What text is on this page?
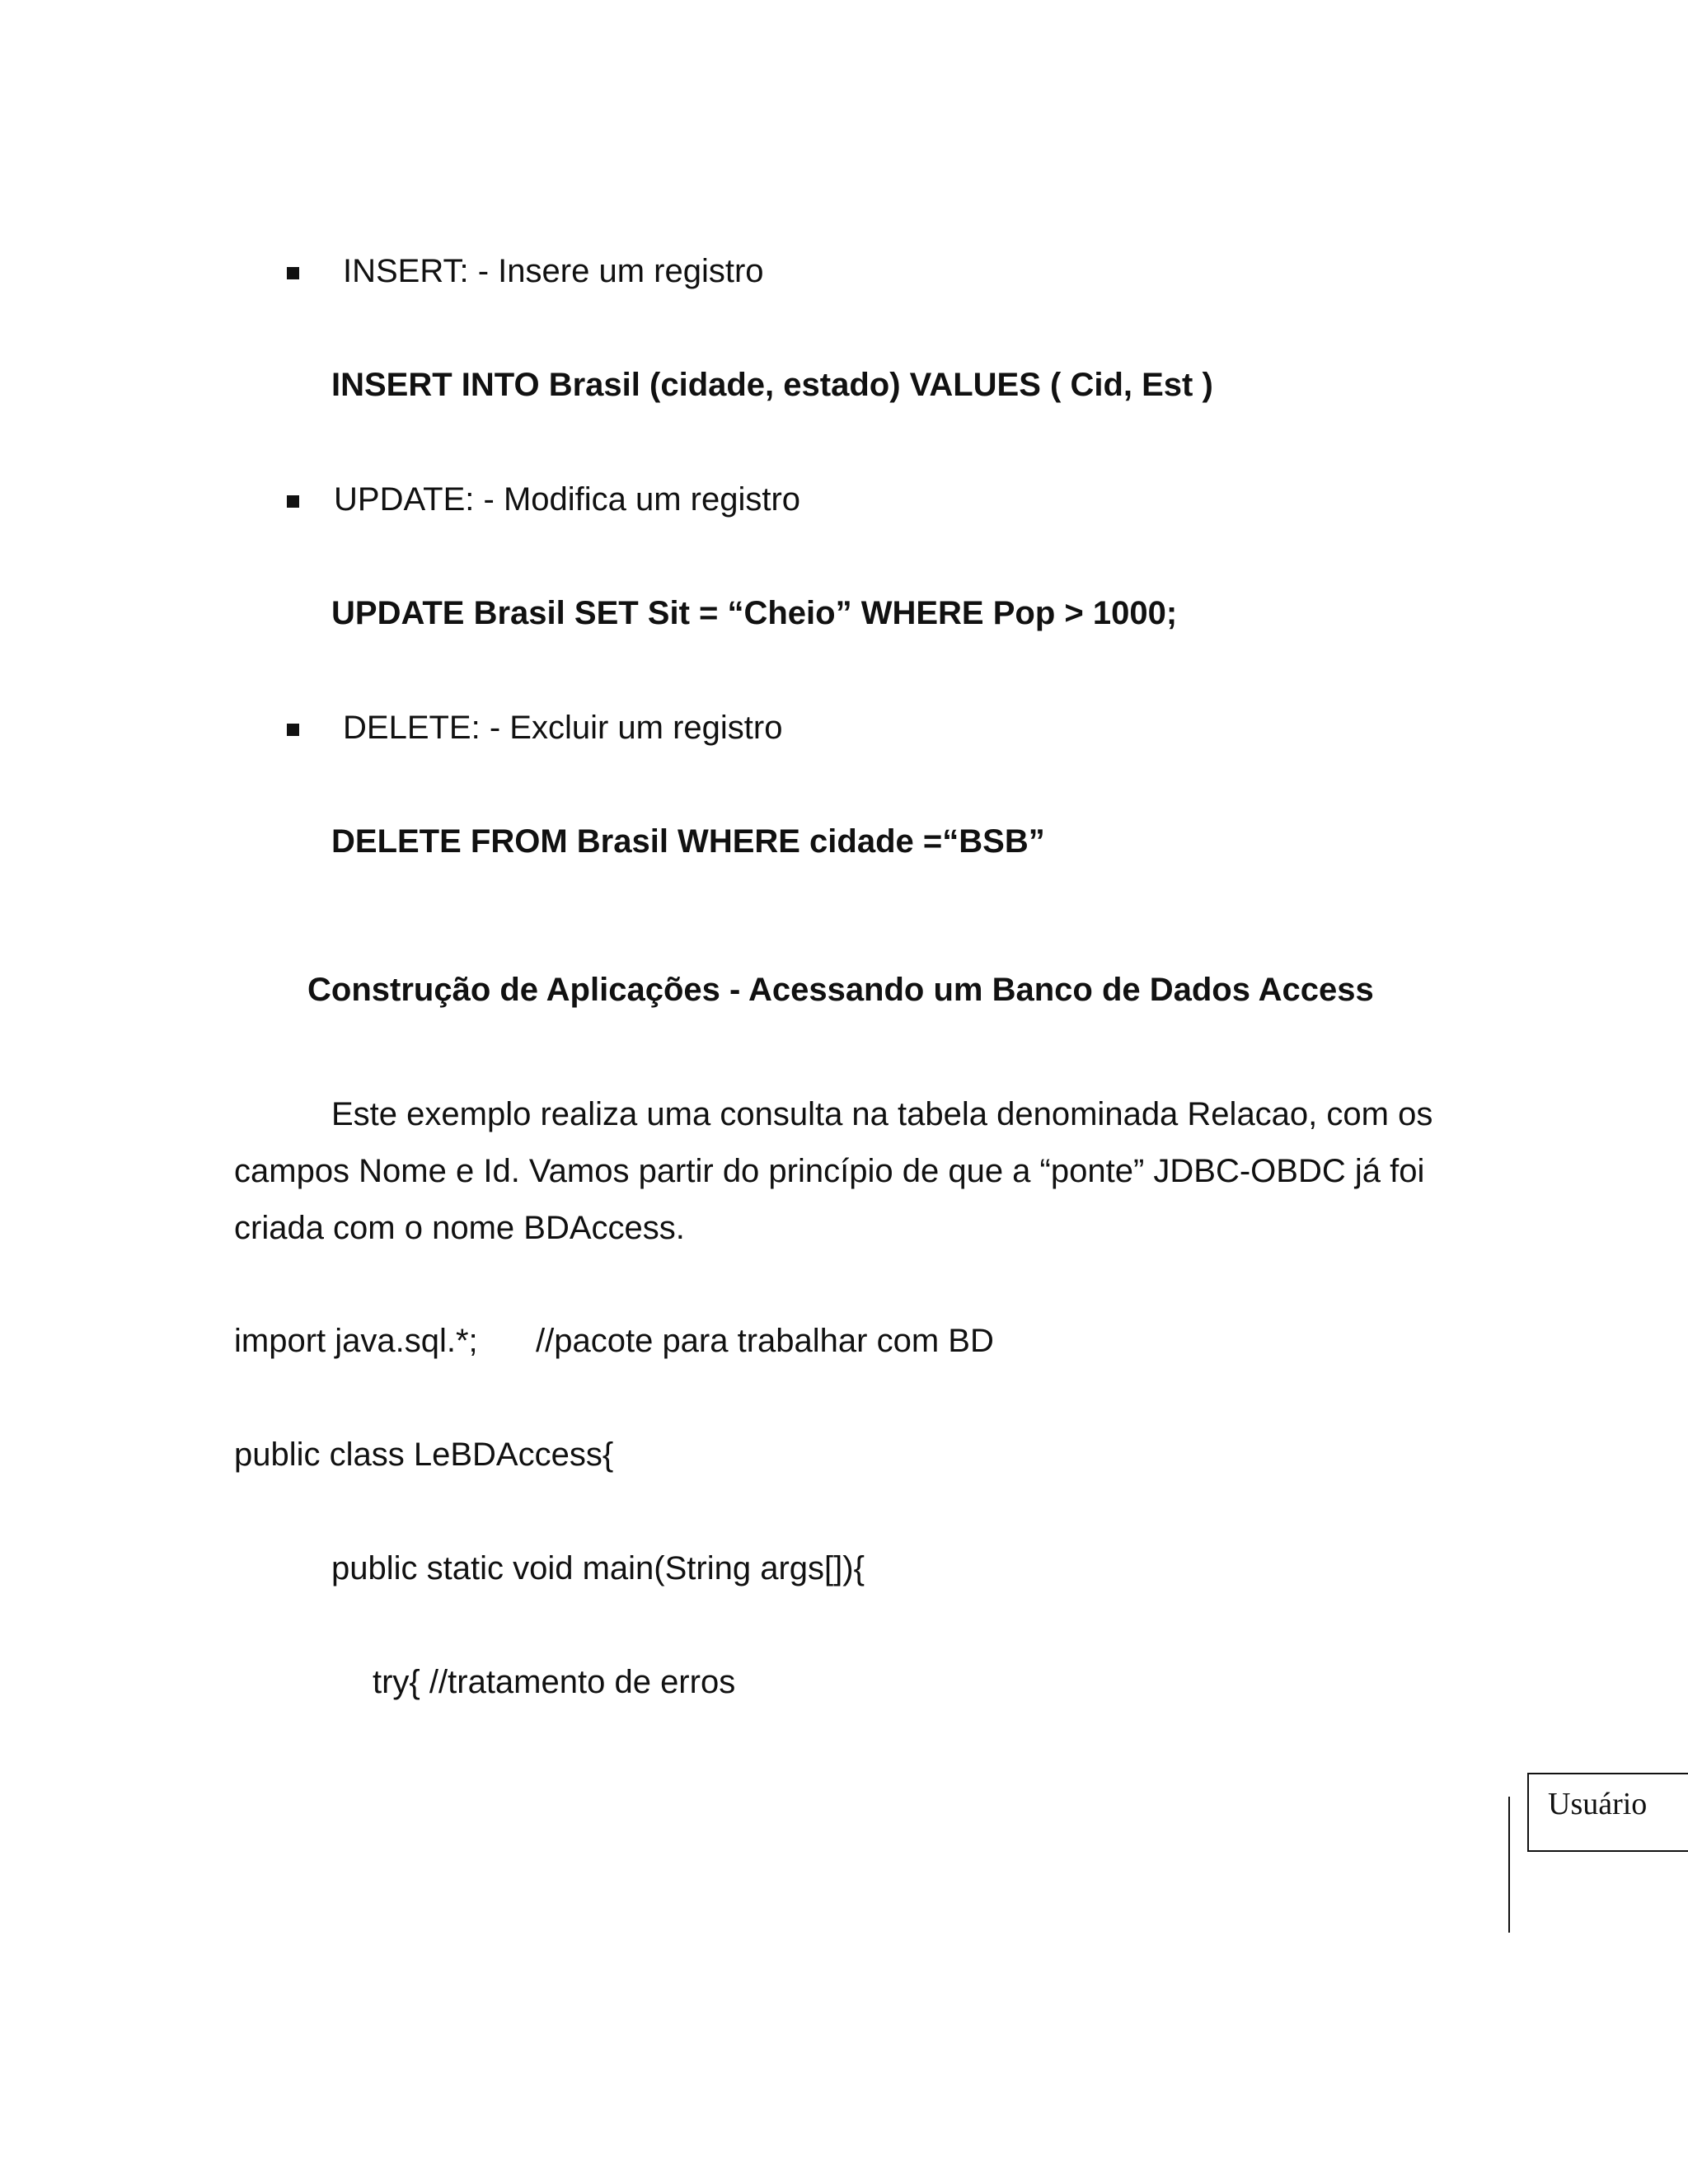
INSERT: - Insere um registro
INSERT INTO Brasil (cidade, estado) VALUES ( Cid, Est )
UPDATE: - Modifica um registro
UPDATE Brasil SET Sit = “Cheio” WHERE Pop > 1000;
DELETE: - Excluir um registro
DELETE FROM Brasil WHERE cidade =“BSB”
Construção de Aplicações - Acessando um Banco de Dados Access
Este exemplo realiza uma consulta na tabela denominada Relacao, com os campos Nome e Id. Vamos partir do princípio de que a “ponte” JDBC-OBDC já foi criada com o nome BDAccess.
import java.sql.*; //pacote para trabalhar com BD
public class LeBDAccess{
public static void main(String args[]){
try{ //tratamento de erros
Usuário
